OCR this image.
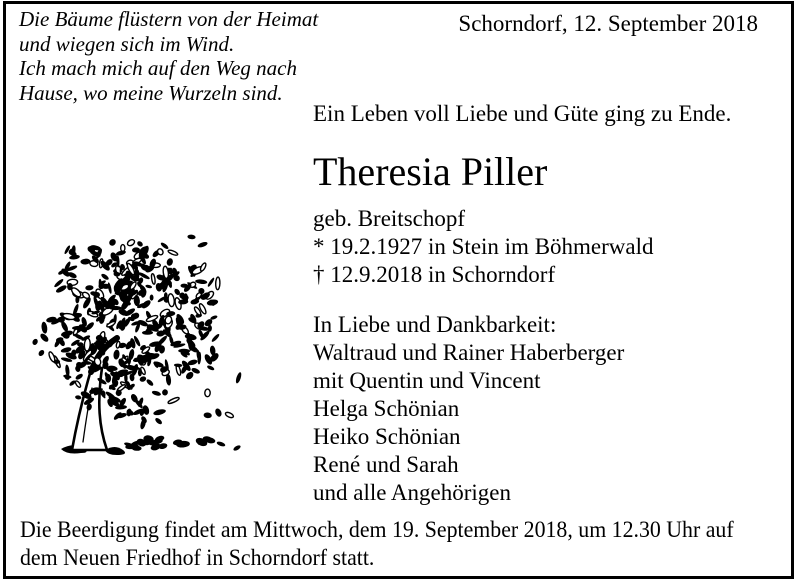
Die Bäume flüstern von der Heimat
und wiegen sich im Wind.
Ich mach mich auf den Weg nach
Hause, wo meine Wurzeln sind.
Schorndorf, 12. September 2018
Ein Leben voll Liebe und Güte ging zu Ende.
Theresia Piller
geb. Breitschopf
* 19.2.1927 in Stein im Böhmerwald
† 12.9.2018 in Schorndorf
In Liebe und Dankbarkeit:
Waltraud und Rainer Haberberger
mit Quentin und Vincent
Helga Schönian
Heiko Schönian
René und Sarah
und alle Angehörigen
Die Beerdigung findet am Mittwoch, dem 19. September 2018, um 12.30 Uhr auf
dem Neuen Friedhof in Schorndorf statt.
